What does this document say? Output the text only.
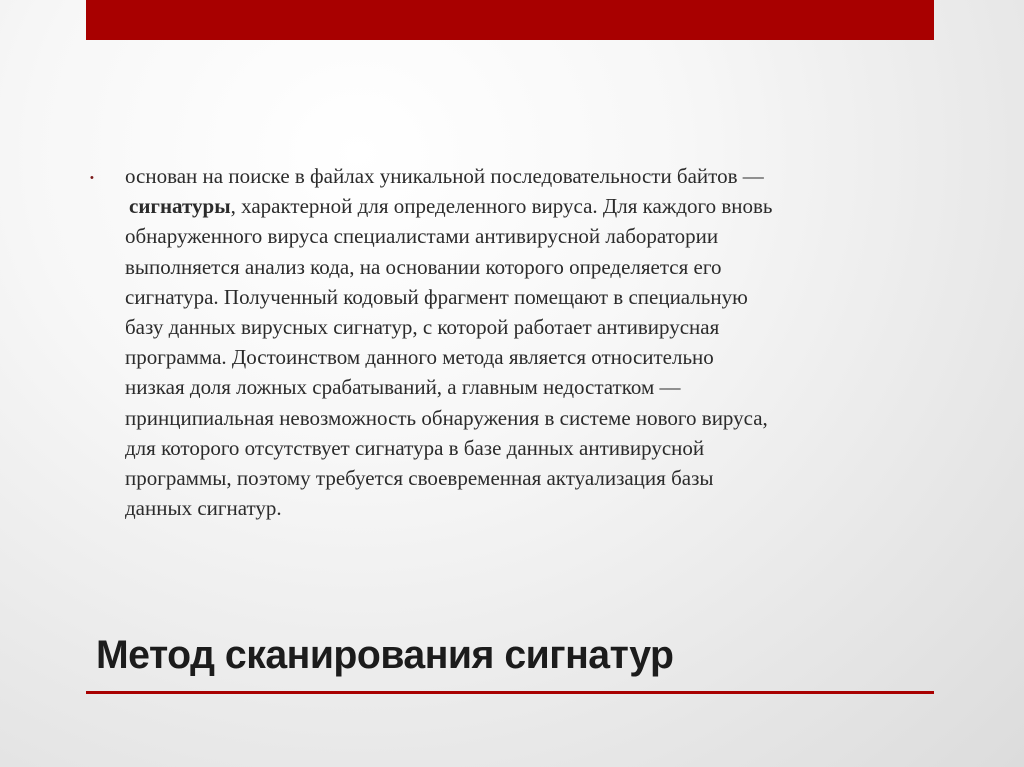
• основан на поиске в файлах уникальной последовательности байтов —
сигнатуры, характерной для определенного вируса. Для каждого вновь
обнаруженного вируса специалистами антивирусной лаборатории
выполняется анализ кода, на основании которого определяется его
сигнатура. Полученный кодовый фрагмент помещают в специальную
базу данных вирусных сигнатур, с которой работает антивирусная
программа. Достоинством данного метода является относительно
низкая доля ложных срабатываний, а главным недостатком —
принципиальная невозможность обнаружения в системе нового вируса,
для которого отсутствует сигнатура в базе данных антивирусной
программы, поэтому требуется своевременная актуализация базы
данных сигнатур.
Метод сканирования сигнатур
